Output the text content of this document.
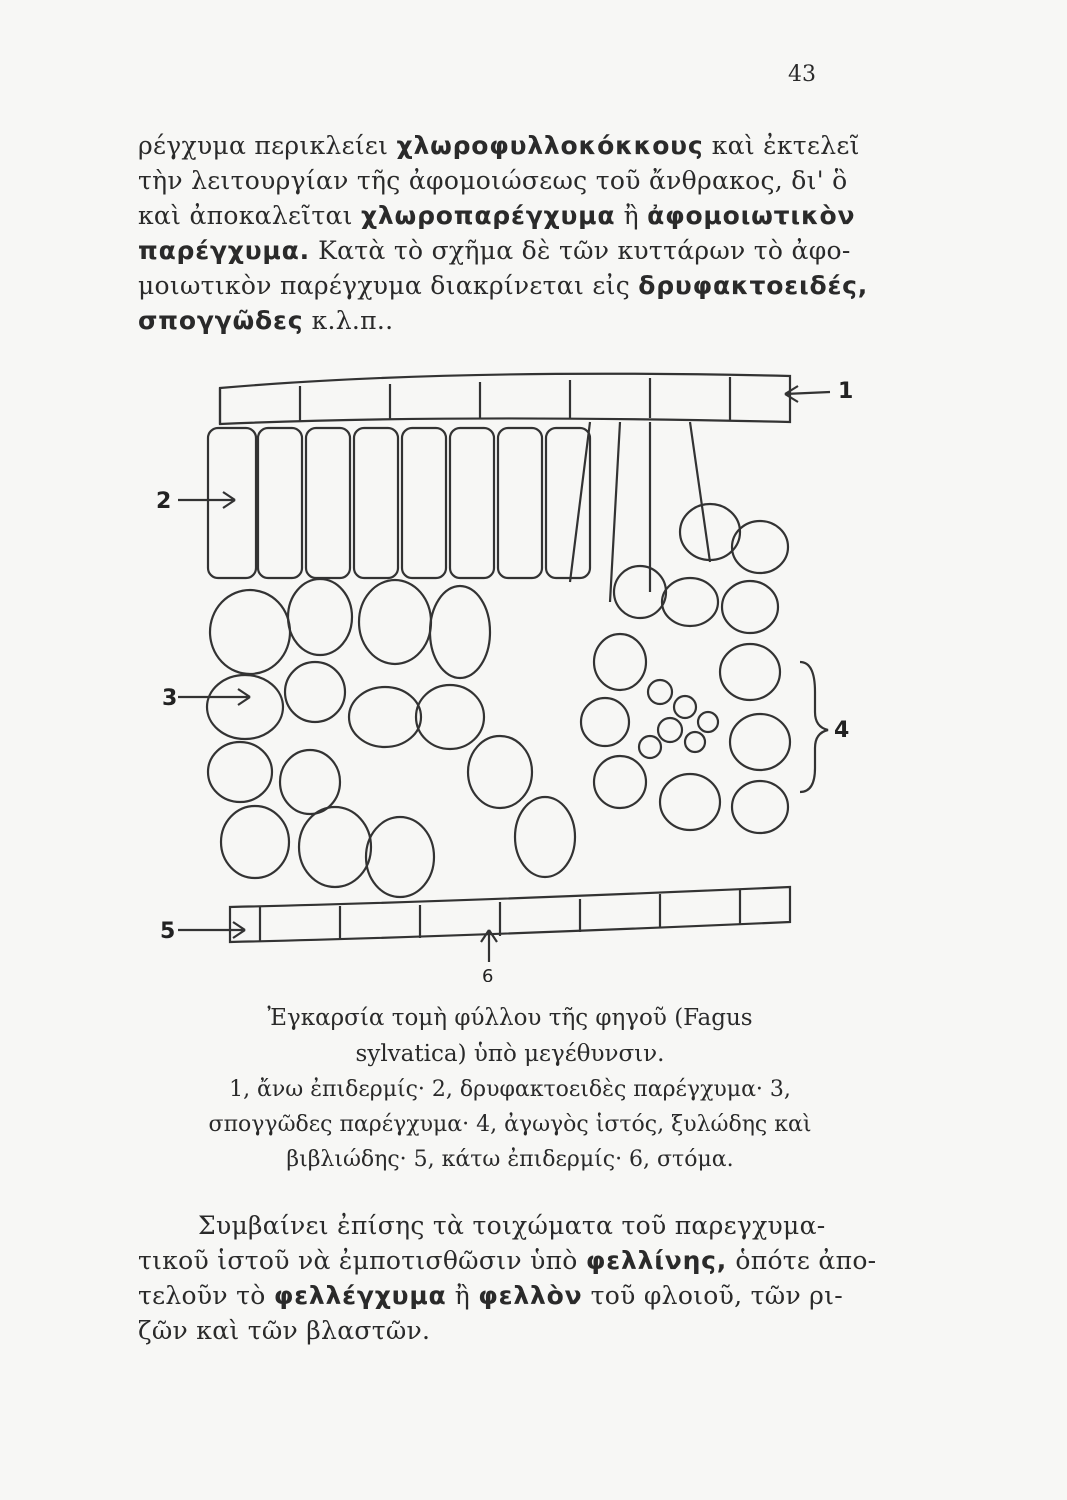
43
ρέγχυμα περικλείει χλωροφυλλοκόκκους καὶ ἐκτελεῖ
τὴν λειτουργίαν τῆς ἀφομοιώσεως τοῦ ἄνθρακος, δι' ὃ
καὶ ἀποκαλεῖται χλωροπαρέγχυμα ἢ ἀφομοιωτικὸν
παρέγχυμα. Κατὰ τὸ σχῆμα δὲ τῶν κυττάρων τὸ ἀφο-
μοιωτικὸν παρέγχυμα διακρίνεται εἰς δρυφακτοειδές,
σπογγῶδες κ.λ.π..
1
2
3
4
5
6
Ἐγκαρσία τομὴ φύλλου τῆς φηγοῦ (Fagus
sylvatica) ὑπὸ μεγέθυνσιν.
1, ἄνω ἐπιδερμίς· 2, δρυφακτοειδὲς παρέγχυμα· 3,
σπογγῶδες παρέγχυμα· 4, ἀγωγὸς ἱστός, ξυλώδης καὶ
βιβλιώδης· 5, κάτω ἐπιδερμίς· 6, στόμα.
Συμβαίνει ἐπίσης τὰ τοιχώματα τοῦ παρεγχυμα-
τικοῦ ἱστοῦ νὰ ἐμποτισθῶσιν ὑπὸ φελλίνης, ὁπότε ἀπο-
τελοῦν τὸ φελλέγχυμα ἢ φελλὸν τοῦ φλοιοῦ, τῶν ρι-
ζῶν καὶ τῶν βλαστῶν.
